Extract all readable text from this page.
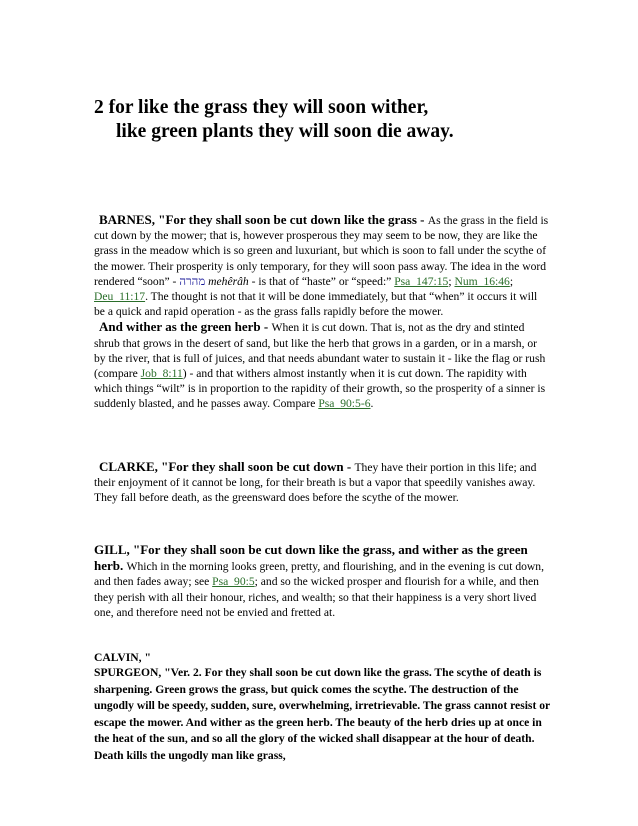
2 for like the grass they will soon wither,
like green plants they will soon die away.
BARNES, "For they shall soon be cut down like the grass - As the grass in the field is cut down by the mower; that is, however prosperous they may seem to be now, they are like the grass in the meadow which is so green and luxuriant, but which is soon to fall under the scythe of the mower. Their prosperity is only temporary, for they will soon pass away. The idea in the word rendered “soon” - מהרה mehêrâh - is that of “haste” or “speed:” Psa_147:15; Num_16:46; Deu_11:17. The thought is not that it will be done immediately, but that “when” it occurs it will be a quick and rapid operation - as the grass falls rapidly before the mower.
And wither as the green herb - When it is cut down. That is, not as the dry and stinted shrub that grows in the desert of sand, but like the herb that grows in a garden, or in a marsh, or by the river, that is full of juices, and that needs abundant water to sustain it - like the flag or rush (compare Job_8:11) - and that withers almost instantly when it is cut down. The rapidity with which things “wilt” is in proportion to the rapidity of their growth, so the prosperity of a sinner is suddenly blasted, and he passes away. Compare Psa_90:5-6.
CLARKE, "For they shall soon be cut down - They have their portion in this life; and their enjoyment of it cannot be long, for their breath is but a vapor that speedily vanishes away. They fall before death, as the greensward does before the scythe of the mower.
GILL, "For they shall soon be cut down like the grass, and wither as the green herb. Which in the morning looks green, pretty, and flourishing, and in the evening is cut down, and then fades away; see Psa_90:5; and so the wicked prosper and flourish for a while, and then they perish with all their honour, riches, and wealth; so that their happiness is a very short lived one, and therefore need not be envied and fretted at.
CALVIN, "
SPURGEON, "Ver. 2. For they shall soon be cut down like the grass. The scythe of death is sharpening. Green grows the grass, but quick comes the scythe. The destruction of the ungodly will be speedy, sudden, sure, overwhelming, irretrievable. The grass cannot resist or escape the mower. And wither as the green herb. The beauty of the herb dries up at once in the heat of the sun, and so all the glory of the wicked shall disappear at the hour of death. Death kills the ungodly man like grass,
